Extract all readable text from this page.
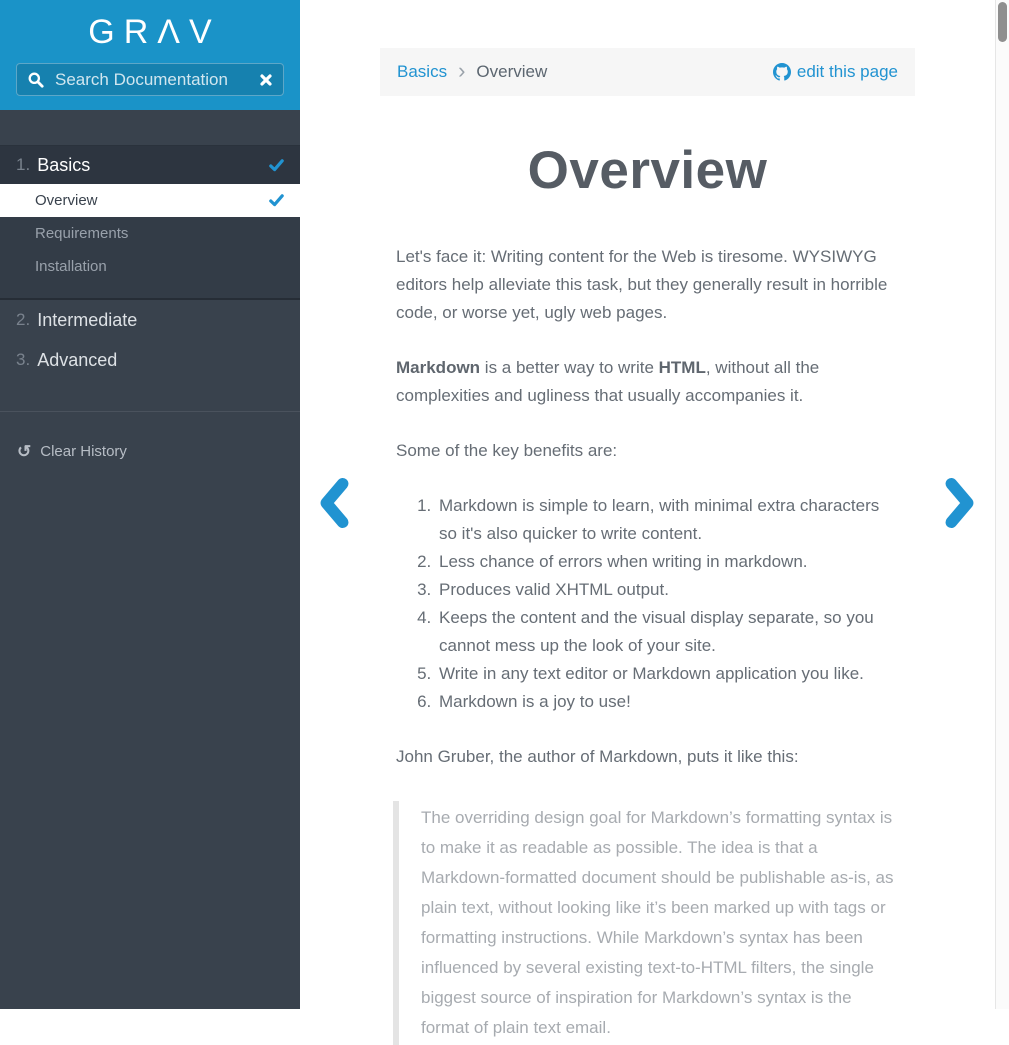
GRΛV
Search Documentation
1. Basics
Overview
Requirements
Installation
2. Intermediate
3. Advanced
↺ Clear History
Basics › Overview	edit this page
Overview

Let's face it: Writing content for the Web is tiresome. WYSIWYG editors help alleviate this task, but they generally result in horrible code, or worse yet, ugly web pages.

Markdown is a better way to write HTML, without all the complexities and ugliness that usually accompanies it.

Some of the key benefits are:

1. Markdown is simple to learn, with minimal extra characters so it's also quicker to write content.
2. Less chance of errors when writing in markdown.
3. Produces valid XHTML output.
4. Keeps the content and the visual display separate, so you cannot mess up the look of your site.
5. Write in any text editor or Markdown application you like.
6. Markdown is a joy to use!

John Gruber, the author of Markdown, puts it like this:

The overriding design goal for Markdown’s formatting syntax is to make it as readable as possible. The idea is that a Markdown-formatted document should be publishable as-is, as plain text, without looking like it’s been marked up with tags or formatting instructions. While Markdown’s syntax has been influenced by several existing text-to-HTML filters, the single biggest source of inspiration for Markdown’s syntax is the format of plain text email.
